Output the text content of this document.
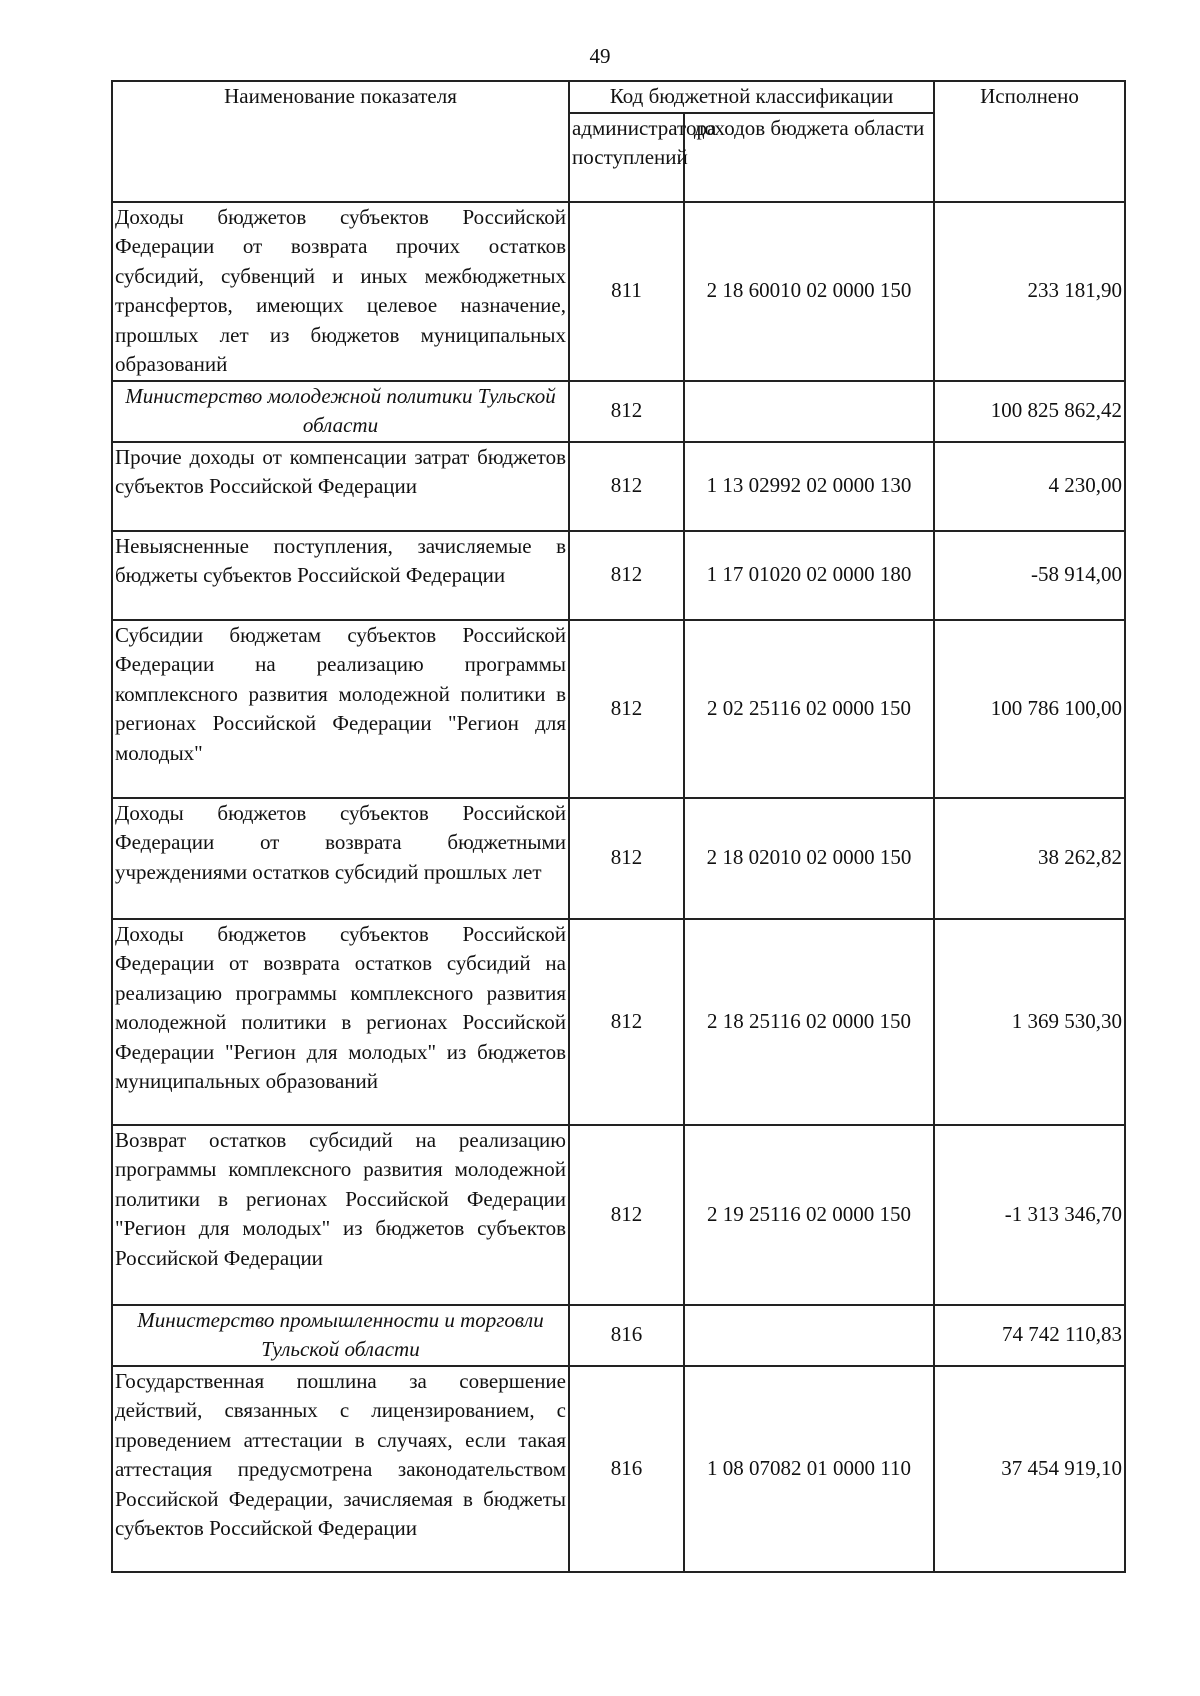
49
Наименование показателя	Код бюджетной классификации		Исполнено
	администратора поступлений	доходов бюджета области	
Доходы бюджетов субъектов Российской Федерации от возврата прочих остатков субсидий, субвенций и иных межбюджетных трансфертов, имеющих целевое назначение, прошлых лет из бюджетов муниципальных образований	811	2 18 60010 02 0000 150	233 181,90
Министерство молодежной политики Тульской области	812		100 825 862,42
Прочие доходы от компенсации затрат бюджетов субъектов Российской Федерации	812	1 13 02992 02 0000 130	4 230,00
Невыясненные поступления, зачисляемые в бюджеты субъектов Российской Федерации	812	1 17 01020 02 0000 180	-58 914,00
Субсидии бюджетам субъектов Российской Федерации на реализацию программы комплексного развития молодежной политики в регионах Российской Федерации "Регион для молодых"	812	2 02 25116 02 0000 150	100 786 100,00
Доходы бюджетов субъектов Российской Федерации от возврата бюджетными учреждениями остатков субсидий прошлых лет	812	2 18 02010 02 0000 150	38 262,82
Доходы бюджетов субъектов Российской Федерации от возврата остатков субсидий на реализацию программы комплексного развития молодежной политики в регионах Российской Федерации "Регион для молодых" из бюджетов муниципальных образований	812	2 18 25116 02 0000 150	1 369 530,30
Возврат остатков субсидий на реализацию программы комплексного развития молодежной политики в регионах Российской Федерации "Регион для молодых" из бюджетов субъектов Российской Федерации	812	2 19 25116 02 0000 150	-1 313 346,70
Министерство промышленности и торговли Тульской области	816		74 742 110,83
Государственная пошлина за совершение действий, связанных с лицензированием, с проведением аттестации в случаях, если такая аттестация предусмотрена законодательством Российской Федерации, зачисляемая в бюджеты субъектов Российской Федерации	816	1 08 07082 01 0000 110	37 454 919,10
